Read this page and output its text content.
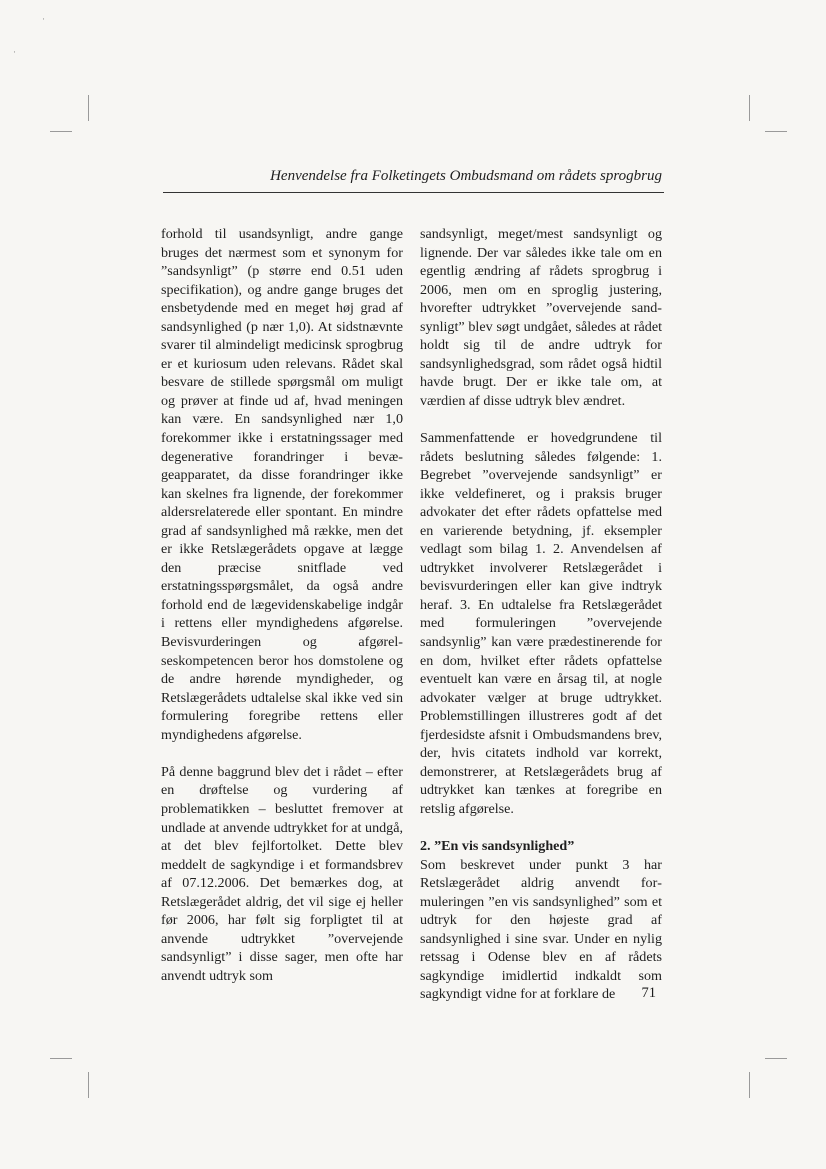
·
·
Henvendelse fra Folketingets Ombudsmand om rådets sprogbrug

forhold til usandsynligt, andre gange bruges det nærmest som et synonym for ”sandsynligt” (p større end 0.51 uden specifikation), og andre gange bruges det ensbetydende med en meget høj grad af sandsynlighed (p nær 1,0). At sidstnævnte svarer til almindeligt medicinsk sprogbrug er et kuriosum uden relevans. Rådet skal besvare de stillede spørgsmål om muligt og prøver at finde ud af, hvad meningen kan være. En sandsynlighed nær 1,0 forekommer ikke i erstatningssager med degenerative forandringer i bevægeapparatet, da disse forandringer ikke kan skelnes fra lignende, der forekommer aldersrelaterede eller spontant. En mindre grad af sandsynlighed må række, men det er ikke Retslægerådets opgave at lægge den præcise snitflade ved erstatningsspørgsmålet, da også andre forhold end de lægevidenskabelige indgår i rettens eller myndighedens afgørelse. Bevisvurderingen og afgørelseskompetencen beror hos domstolene og de andre hørende myndigheder, og Retslægerådets udtalelse skal ikke ved sin formulering foregribe rettens eller myndighedens afgørelse.

På denne baggrund blev det i rådet – efter en drøftelse og vurdering af problematikken – besluttet fremover at undlade at anvende udtrykket for at undgå, at det blev fejlfortolket. Dette blev meddelt de sagkyndige i et formandsbrev af 07.12.2006. Det bemærkes dog, at Retslægerådet aldrig, det vil sige ej heller før 2006, har følt sig forpligtet til at anvende udtrykket ”overvejende sandsynligt” i disse sager, men ofte har anvendt udtryk som

sandsynligt, meget/mest sandsynligt og lignende. Der var således ikke tale om en egentlig ændring af rådets sprogbrug i 2006, men om en sproglig justering, hvorefter udtrykket ”overvejende sandsynligt” blev søgt undgået, således at rådet holdt sig til de andre udtryk for sandsynlighedsgrad, som rådet også hidtil havde brugt. Der er ikke tale om, at værdien af disse udtryk blev ændret.

Sammenfattende er hovedgrundene til rådets beslutning således følgende: 1. Begrebet ”overvejende sandsynligt” er ikke veldefineret, og i praksis bruger advokater det efter rådets opfattelse med en varierende betydning, jf. eksempler vedlagt som bilag 1. 2. Anvendelsen af udtrykket involverer Retslægerådet i bevisvurderingen eller kan give indtryk heraf. 3. En udtalelse fra Retslægerådet med formuleringen ”overvejende sandsynlig” kan være prædestinerende for en dom, hvilket efter rådets opfattelse eventuelt kan være en årsag til, at nogle advokater vælger at bruge udtrykket. Problemstillingen illustreres godt af det fjerdesidste afsnit i Ombudsmandens brev, der, hvis citatets indhold var korrekt, demonstrerer, at Retslægerådets brug af udtrykket kan tænkes at foregribe en retslig afgørelse.

2. ”En vis sandsynlighed”

Som beskrevet under punkt 3 har Retslægerådet aldrig anvendt formuleringen ”en vis sandsynlighed” som et udtryk for den højeste grad af sandsynlighed i sine svar. Under en nylig retssag i Odense blev en af rådets sagkyndige imidlertid indkaldt som sagkyndigt vidne for at forklare de	71
